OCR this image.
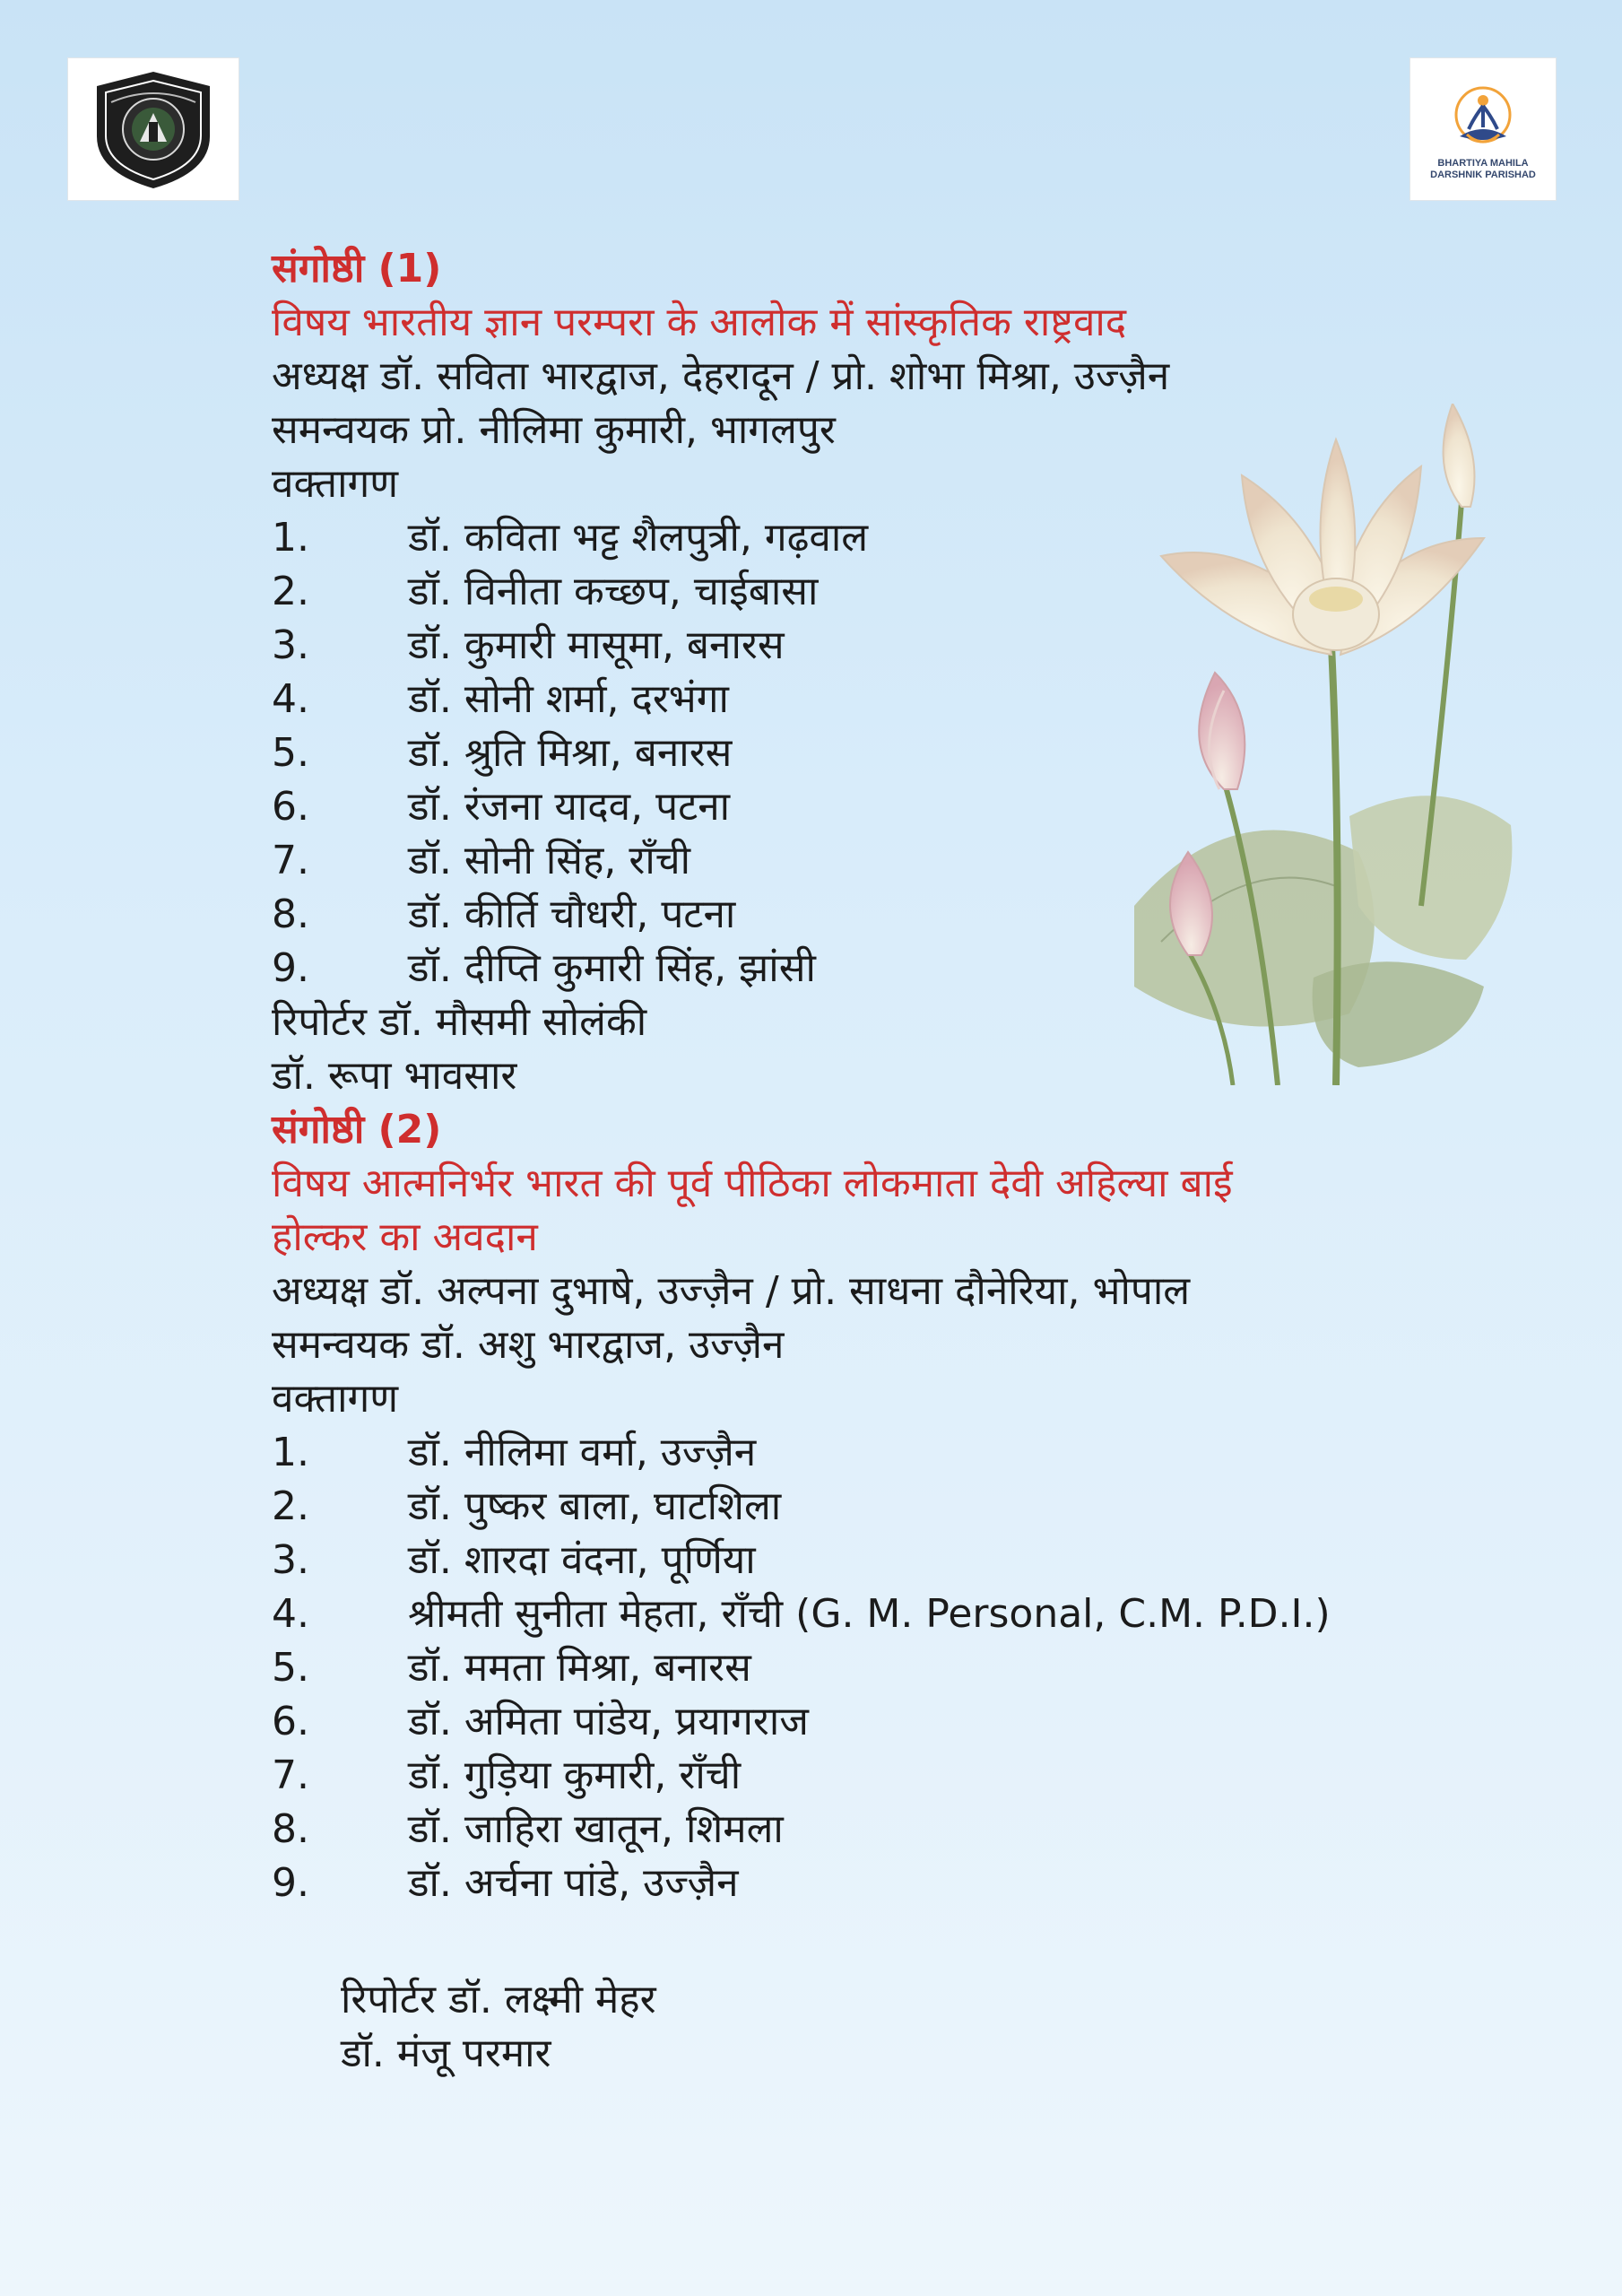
BHARTIYA MAHILA
DARSHNIK PARISHAD
संगोष्ठी (1)
विषय भारतीय ज्ञान परम्परा के आलोक में सांस्कृतिक राष्ट्रवाद
अध्यक्ष डॉ. सविता भारद्वाज, देहरादून / प्रो. शोभा मिश्रा, उज्ज़ैन
समन्वयक प्रो. नीलिमा कुमारी, भागलपुर
वक्तागण
1.	डॉ. कविता भट्ट शैलपुत्री, गढ़वाल
2.	डॉ. विनीता कच्छप, चाईबासा
3.	डॉ. कुमारी मासूमा, बनारस
4.	डॉ. सोनी शर्मा, दरभंगा
5.	डॉ. श्रुति मिश्रा, बनारस
6.	डॉ. रंजना यादव, पटना
7.	डॉ. सोनी सिंह, राँची
8.	डॉ. कीर्ति चौधरी, पटना
9.	डॉ. दीप्ति कुमारी सिंह, झांसी
रिपोर्टर डॉ. मौसमी सोलंकी
डॉ. रूपा भावसार
संगोष्ठी (2)
विषय आत्मनिर्भर भारत की पूर्व पीठिका लोकमाता देवी अहिल्या बाई
होल्कर का अवदान
अध्यक्ष डॉ. अल्पना दुभाषे, उज्ज़ैन / प्रो. साधना दौनेरिया, भोपाल
समन्वयक डॉ. अशु भारद्वाज, उज्ज़ैन
वक्तागण
1.	डॉ. नीलिमा वर्मा, उज्ज़ैन
2.	डॉ. पुष्कर बाला, घाटशिला
3.	डॉ. शारदा वंदना, पूर्णिया
4.	श्रीमती सुनीता मेहता, राँची (G. M. Personal, C.M. P.D.I.)
5.	डॉ. ममता मिश्रा, बनारस
6.	डॉ. अमिता पांडेय, प्रयागराज
7.	डॉ. गुड़िया कुमारी, राँची
8.	डॉ. जाहिरा खातून, शिमला
9.	डॉ. अर्चना पांडे, उज्ज़ैन
रिपोर्टर डॉ. लक्ष्मी मेहर
डॉ. मंजू परमार
